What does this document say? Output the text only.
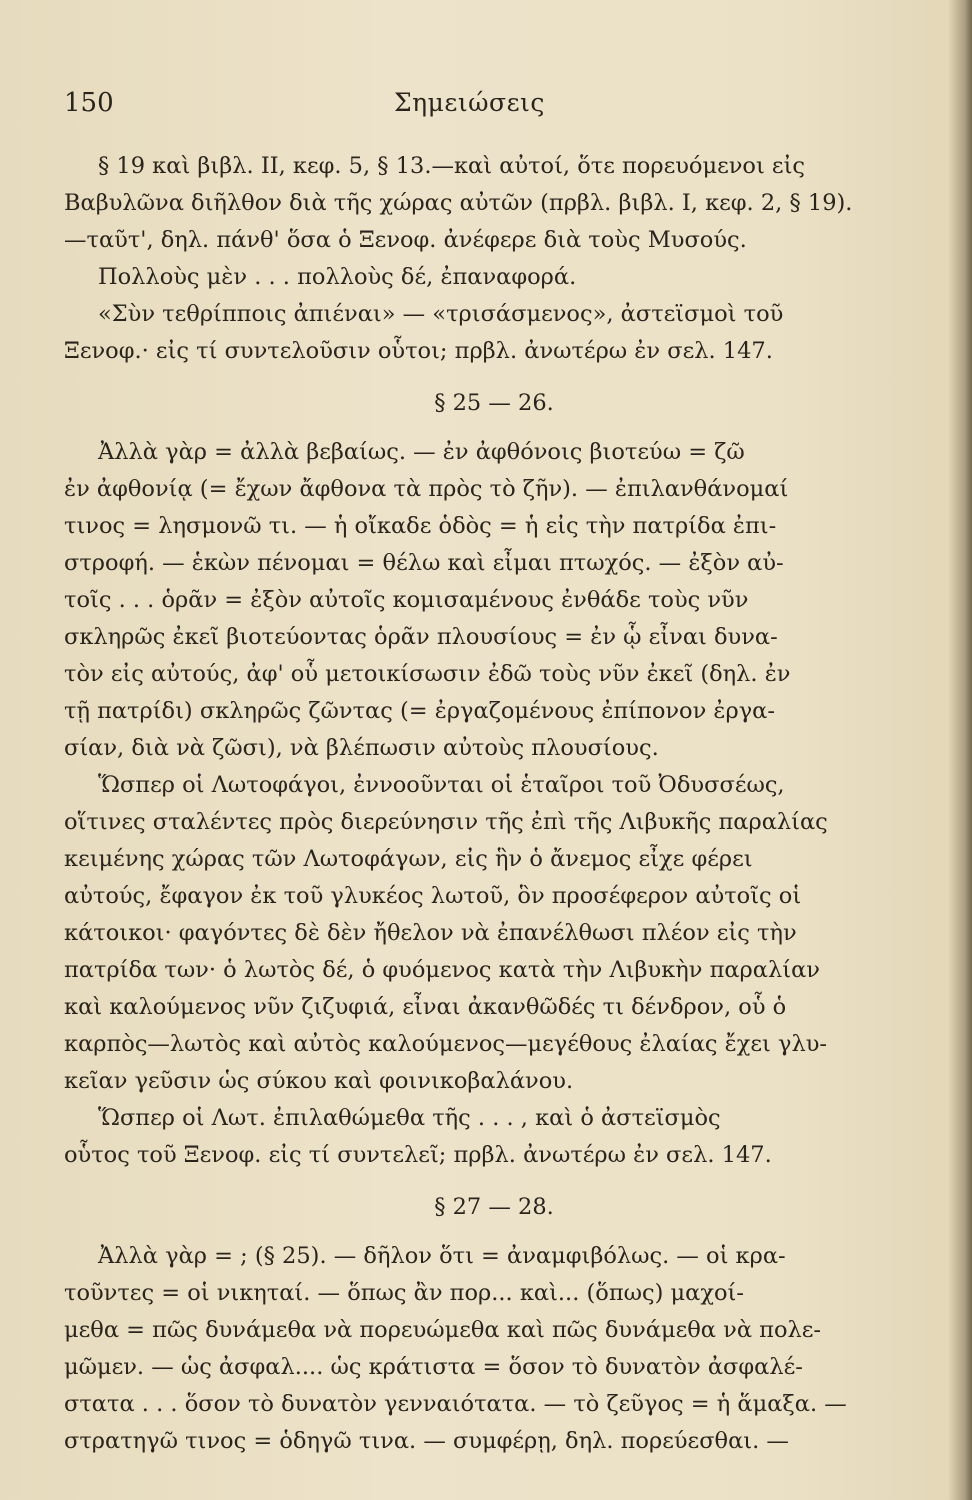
150	Σημειώσεις
§ 19 καὶ βιβλ. II, κεφ. 5, § 13.—καὶ αὐτοί, ὅτε πορευόμενοι εἰς
Βαβυλῶνα διῆλθον διὰ τῆς χώρας αὐτῶν (πρβλ. βιβλ. I, κεφ. 2, § 19).
—ταῦτ', δηλ. πάνθ' ὅσα ὁ Ξενοφ. ἀνέφερε διὰ τοὺς Μυσούς.
Πολλοὺς μὲν . . . πολλοὺς δέ, ἐπαναφορά.
«Σὺν τεθρίπποις ἀπιέναι» — «τρισάσμενος», ἀστεϊσμοὶ τοῦ
Ξενοφ.· εἰς τί συντελοῦσιν οὗτοι; πρβλ. ἀνωτέρω ἐν σελ. 147.
§ 25 — 26.
Ἀλλὰ γὰρ = ἀλλὰ βεβαίως. — ἐν ἀφθόνοις βιοτεύω = ζῶ
ἐν ἀφθονίᾳ (= ἔχων ἄφθονα τὰ πρὸς τὸ ζῆν). — ἐπιλανθάνομαί
τινος = λησμονῶ τι. — ἡ οἴκαδε ὁδὸς = ἡ εἰς τὴν πατρίδα ἐπι-
στροφή. — ἑκὼν πένομαι = θέλω καὶ εἶμαι πτωχός. — ἐξὸν αὐ-
τοῖς . . . ὁρᾶν = ἐξὸν αὐτοῖς κομισαμένους ἐνθάδε τοὺς νῦν
σκληρῶς ἐκεῖ βιοτεύοντας ὁρᾶν πλουσίους = ἐν ᾧ εἶναι δυνα-
τὸν εἰς αὐτούς, ἀφ' οὗ μετοικίσωσιν ἐδῶ τοὺς νῦν ἐκεῖ (δηλ. ἐν
τῇ πατρίδι) σκληρῶς ζῶντας (= ἐργαζομένους ἐπίπονον ἐργα-
σίαν, διὰ νὰ ζῶσι), νὰ βλέπωσιν αὐτοὺς πλουσίους.
Ὥσπερ οἱ Λωτοφάγοι, ἐννοοῦνται οἱ ἑταῖροι τοῦ Ὀδυσσέως,
οἵτινες σταλέντες πρὸς διερεύνησιν τῆς ἐπὶ τῆς Λιβυκῆς παραλίας
κειμένης χώρας τῶν Λωτοφάγων, εἰς ἣν ὁ ἄνεμος εἶχε φέρει
αὐτούς, ἔφαγον ἐκ τοῦ γλυκέος λωτοῦ, ὃν προσέφερον αὐτοῖς οἱ
κάτοικοι· φαγόντες δὲ δὲν ἤθελον νὰ ἐπανέλθωσι πλέον εἰς τὴν
πατρίδα των· ὁ λωτὸς δέ, ὁ φυόμενος κατὰ τὴν Λιβυκὴν παραλίαν
καὶ καλούμενος νῦν ζιζυφιά, εἶναι ἀκανθῶδές τι δένδρον, οὗ ὁ
καρπὸς—λωτὸς καὶ αὐτὸς καλούμενος—μεγέθους ἐλαίας ἔχει γλυ-
κεῖαν γεῦσιν ὡς σύκου καὶ φοινικοβαλάνου.
Ὥσπερ οἱ Λωτ. ἐπιλαθώμεθα τῆς . . . , καὶ ὁ ἀστεϊσμὸς
οὗτος τοῦ Ξενοφ. εἰς τί συντελεῖ; πρβλ. ἀνωτέρω ἐν σελ. 147.
§ 27 — 28.
Ἀλλὰ γὰρ = ; (§ 25). — δῆλον ὅτι = ἀναμφιβόλως. — οἱ κρα-
τοῦντες = οἱ νικηταί. — ὅπως ἂν πορ... καὶ... (ὅπως) μαχοί-
μεθα = πῶς δυνάμεθα νὰ πορευώμεθα καὶ πῶς δυνάμεθα νὰ πολε-
μῶμεν. — ὡς ἀσφαλ.... ὡς κράτιστα = ὅσον τὸ δυνατὸν ἀσφαλέ-
στατα . . . ὅσον τὸ δυνατὸν γενναιότατα. — τὸ ζεῦγος = ἡ ἅμαξα. —
στρατηγῶ τινος = ὁδηγῶ τινα. — συμφέρῃ, δηλ. πορεύεσθαι. —
